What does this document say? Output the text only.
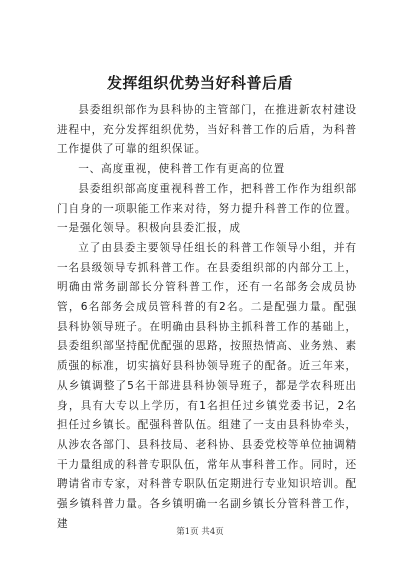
发挥组织优势当好科普后盾

县委组织部作为县科协的主管部门，在推进新农村建设进程中，充分发挥组织优势，当好科普工作的后盾，为科普工作提供了可靠的组织保证。

一、高度重视，使科普工作有更高的位置

县委组织部高度重视科普工作，把科普工作作为组织部门自身的一项职能工作来对待，努力提升科普工作的位置。一是强化领导。积极向县委汇报，成

立了由县委主要领导任组长的科普工作领导小组，并有一名县级领导专抓科普工作。在县委组织部的内部分工上，明确由常务副部长分管科普工作，还有一名部务会成员协管，6名部务会成员管科普的有2名。二是配强力量。配强县科协领导班子。在明确由县科协主抓科普工作的基础上，县委组织部坚持配优配强的思路，按照热情高、业务熟、素质强的标准，切实搞好县科协领导班子的配备。近三年来，从乡镇调整了5名干部进县科协领导班子，都是学农科班出身，具有大专以上学历，有1名担任过乡镇党委书记，2名担任过乡镇长。配强科普队伍。组建了一支由县科协牵头，从涉农各部门、县科技局、老科协、县委党校等单位抽调精干力量组成的科普专职队伍，常年从事科普工作。同时，还聘请省市专家，对科普专职队伍定期进行专业知识培训。配强乡镇科普力量。各乡镇明确一名副乡镇长分管科普工作，建

第1页 共4页
